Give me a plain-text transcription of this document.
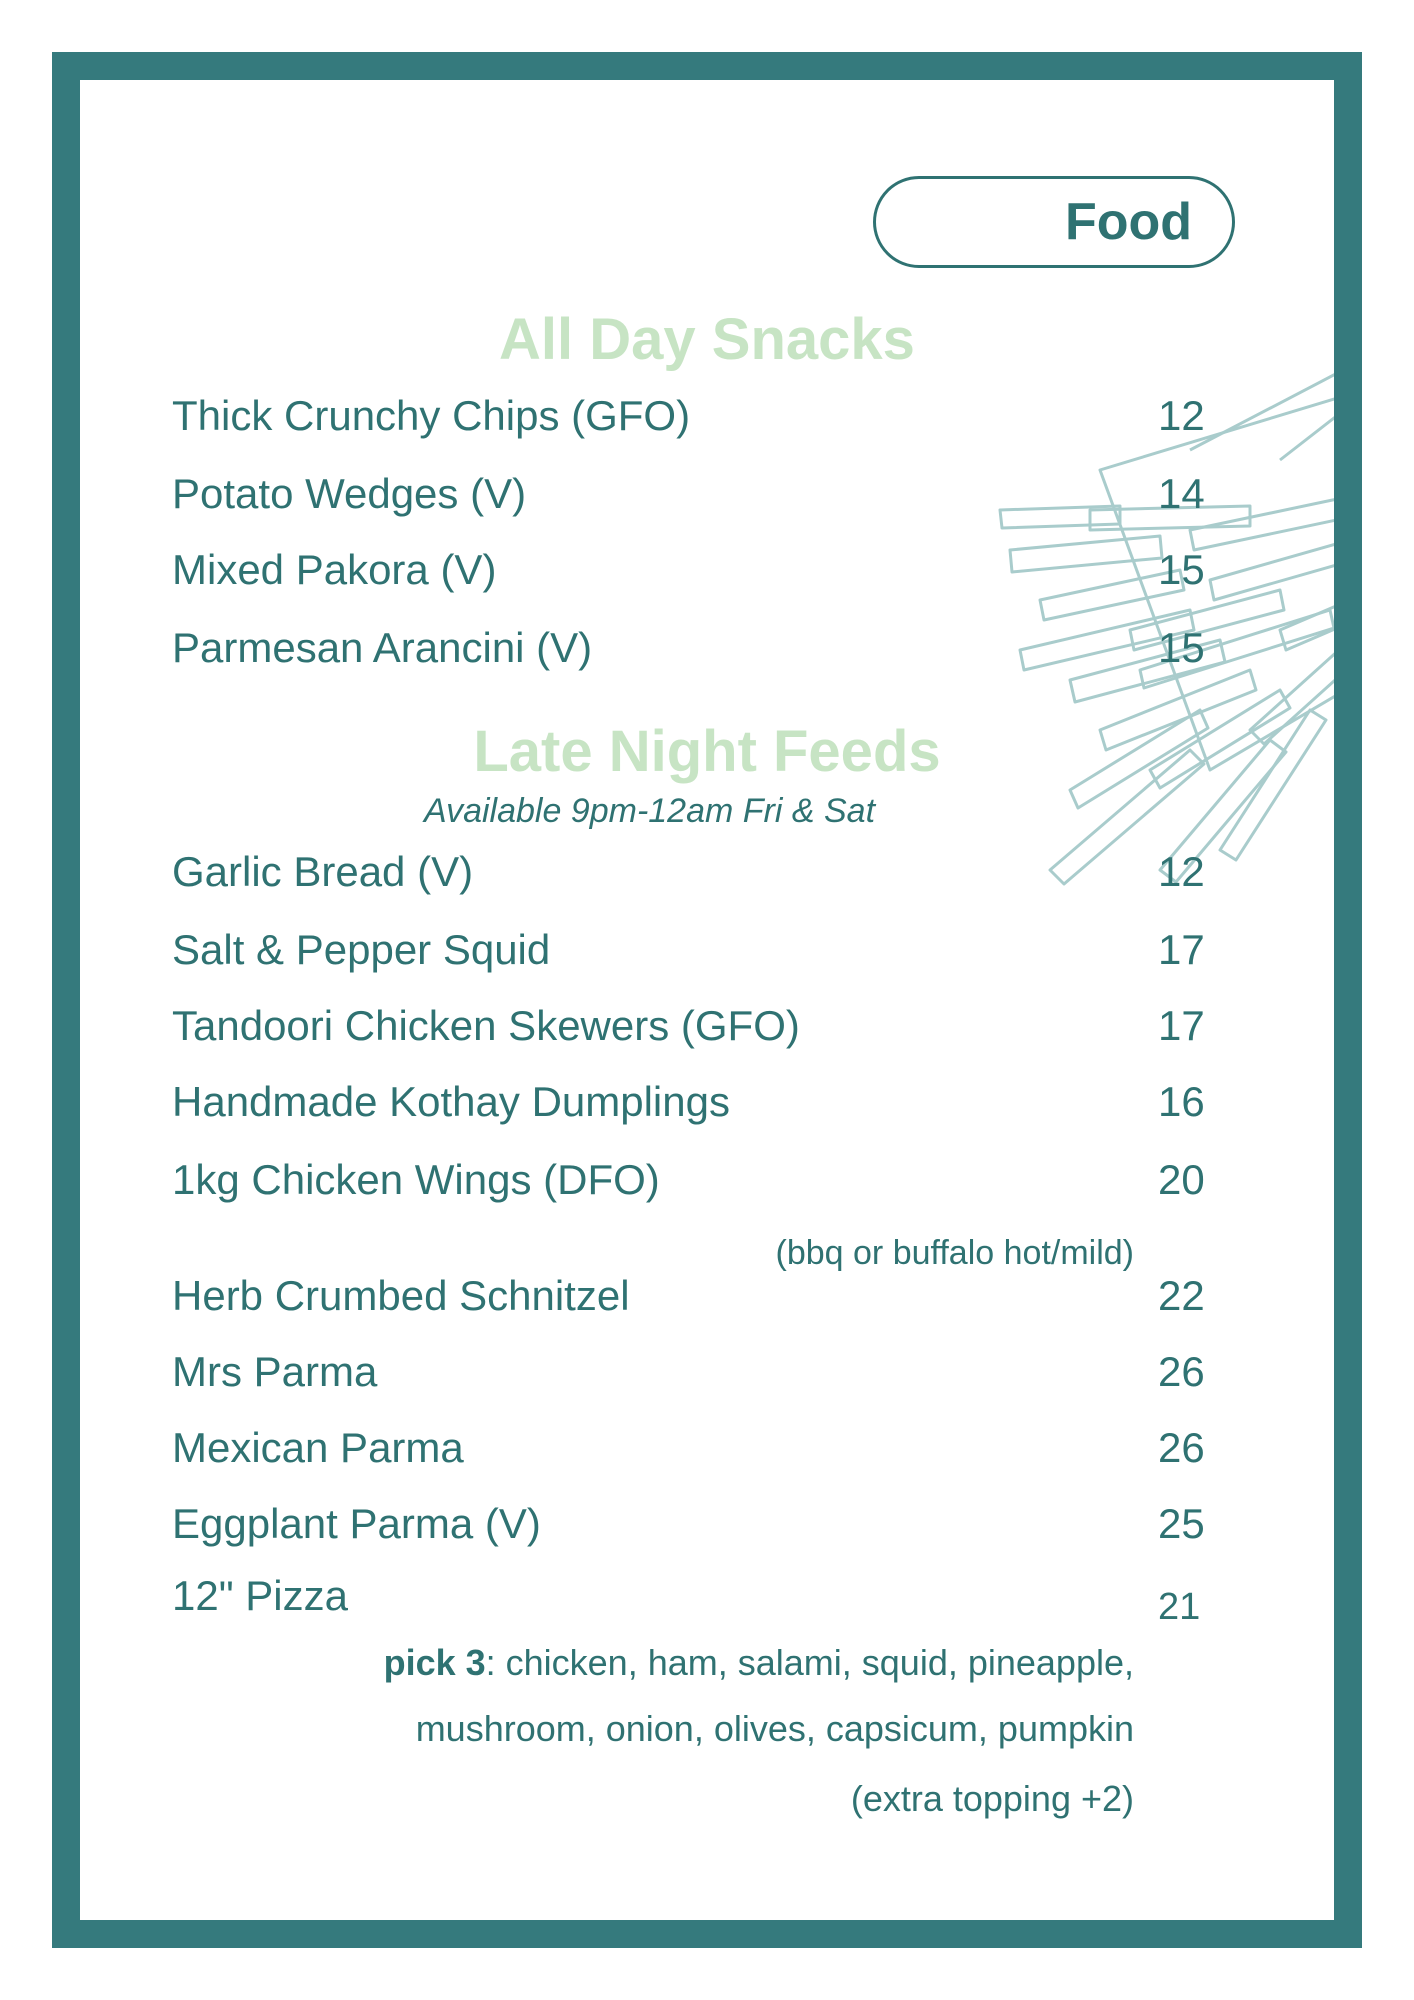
Food
All Day Snacks
Thick Crunchy Chips (GFO)	12
Potato Wedges (V)	14
Mixed Pakora (V)	15
Parmesan Arancini (V)	15
Late Night Feeds
Available 9pm-12am Fri & Sat
Garlic Bread (V)	12
Salt & Pepper Squid	17
Tandoori Chicken Skewers (GFO)	17
Handmade Kothay Dumplings	16
1kg Chicken Wings (DFO)	20
(bbq or buffalo hot/mild)
Herb Crumbed Schnitzel	22
Mrs Parma	26
Mexican Parma	26
Eggplant Parma (V)	25
12" Pizza	21
pick 3: chicken, ham, salami, squid, pineapple,
mushroom, onion, olives, capsicum, pumpkin
(extra topping +2)
